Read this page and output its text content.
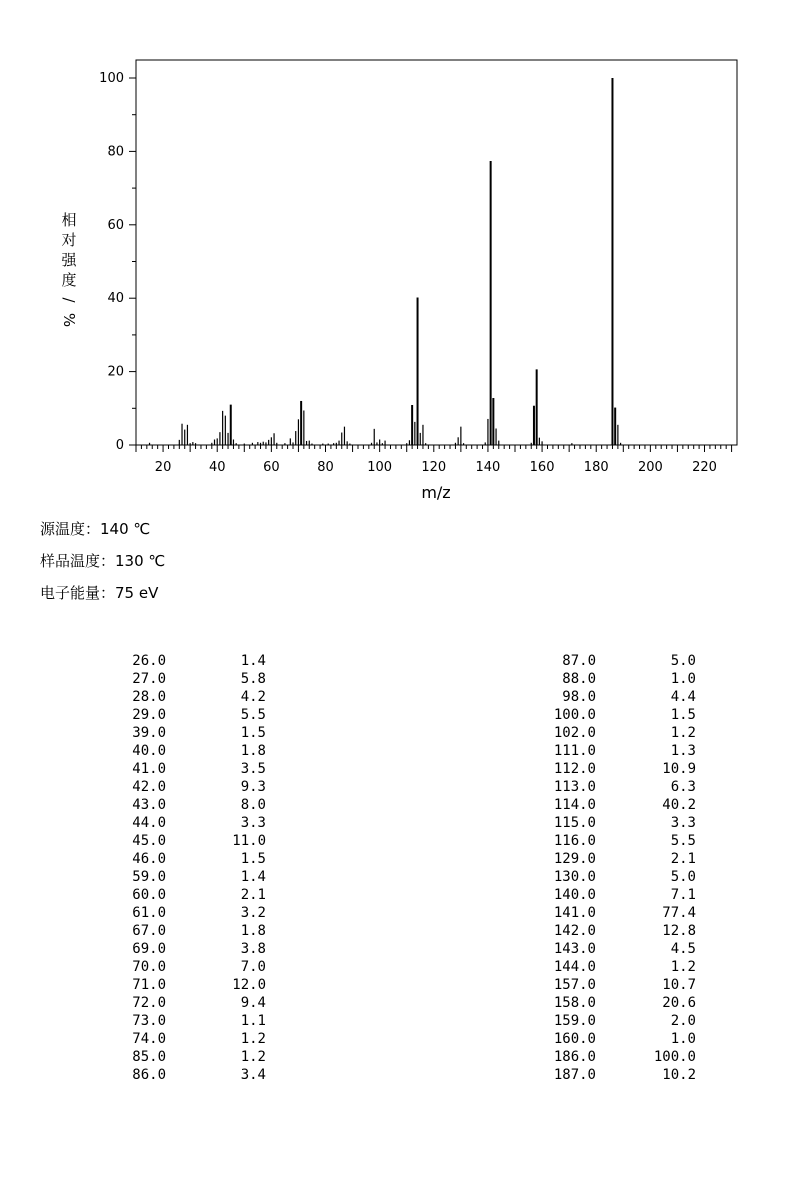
0
20
40
60
80
100
20	40	60	80	100 120 140 160 180 200 220
m/z
相
对
强
度
/
%
源温度：140 ℃
样品温度：130 ℃
电子能量：75 eV
26.0	1.4
27.0	5.8
28.0	4.2
29.0	5.5
39.0	1.5
40.0	1.8
41.0	3.5
42.0	9.3
43.0	8.0
44.0	3.3
45.0	11.0
46.0	1.5
59.0	1.4
60.0	2.1
61.0	3.2
67.0	1.8
69.0	3.8
70.0	7.0
71.0	12.0
72.0	9.4
73.0	1.1
74.0	1.2
85.0	1.2
86.0	3.4
87.0	5.0
88.0	1.0
98.0	4.4
100.0	1.5
102.0	1.2
111.0	1.3
112.0	10.9
113.0	6.3
114.0	40.2
115.0	3.3
116.0	5.5
129.0	2.1
130.0	5.0
140.0	7.1
141.0	77.4
142.0	12.8
143.0	4.5
144.0	1.2
157.0	10.7
158.0	20.6
159.0	2.0
160.0	1.0
186.0	100.0
187.0	10.2
